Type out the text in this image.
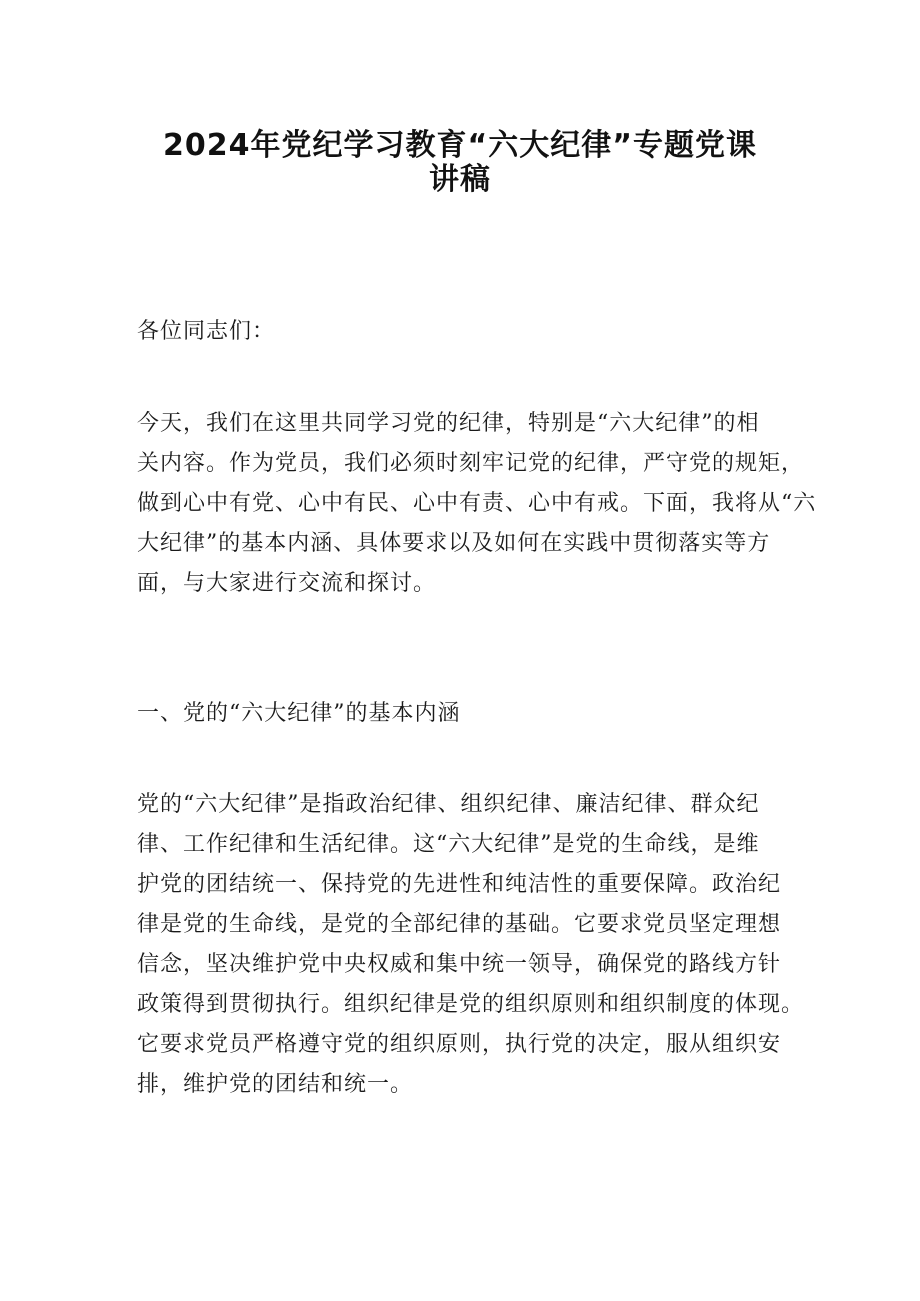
2024年党纪学习教育“六大纪律”专题党课
讲稿

各位同志们：

今天，我们在这里共同学习党的纪律，特别是“六大纪律”的相
关内容。作为党员，我们必须时刻牢记党的纪律，严守党的规矩，
做到心中有党、心中有民、心中有责、心中有戒。下面，我将从“六
大纪律”的基本内涵、具体要求以及如何在实践中贯彻落实等方
面，与大家进行交流和探讨。

一、党的“六大纪律”的基本内涵

党的“六大纪律”是指政治纪律、组织纪律、廉洁纪律、群众纪
律、工作纪律和生活纪律。这“六大纪律”是党的生命线，是维
护党的团结统一、保持党的先进性和纯洁性的重要保障。政治纪
律是党的生命线，是党的全部纪律的基础。它要求党员坚定理想
信念，坚决维护党中央权威和集中统一领导，确保党的路线方针
政策得到贯彻执行。组织纪律是党的组织原则和组织制度的体现。
它要求党员严格遵守党的组织原则，执行党的决定，服从组织安
排，维护党的团结和统一。
